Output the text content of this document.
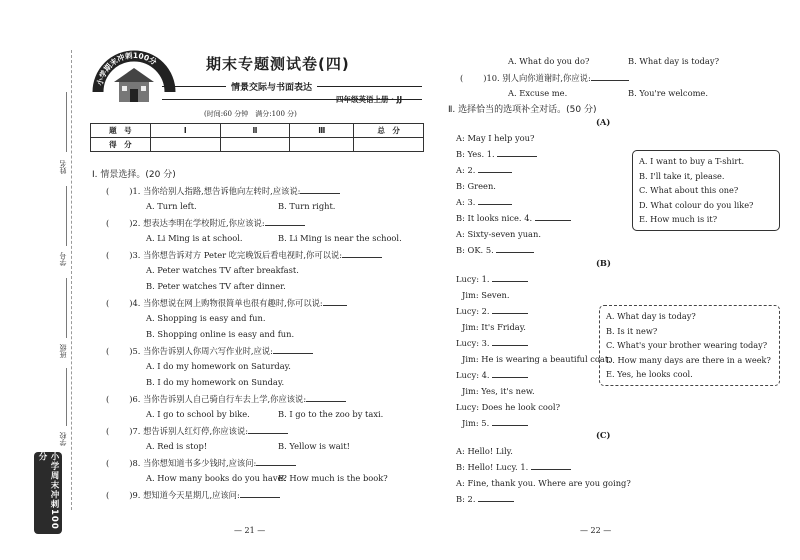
姓名
学号
班级
学校
小学周末冲刺100分
小学期末冲刺100分	期末专题测试卷(四)
情景交际与书面表达
四年级英语上册 · JJ
(时间:60 分钟　满分:100 分)
题　号	Ⅰ	Ⅱ	Ⅲ	总　分
得　分				
Ⅰ. 情景选择。(20 分)
( )1. 当你给别人指路,想告诉他向左转时,应该说:
A. Turn left.	B. Turn right.
( )2. 想表达李明在学校附近,你应该说:
A. Li Ming is at school.	B. Li Ming is near the school.
( )3. 当你想告诉对方 Peter 吃完晚饭后看电视时,你可以说:
A. Peter watches TV after breakfast.
B. Peter watches TV after dinner.
( )4. 当你想说在网上购物很简单也很有趣时,你可以说:
A. Shopping is easy and fun.
B. Shopping online is easy and fun.
( )5. 当你告诉别人你周六写作业时,应说:
A. I do my homework on Saturday.
B. I do my homework on Sunday.
( )6. 当你告诉别人自己骑自行车去上学,你应该说:
A. I go to school by bike.	B. I go to the zoo by taxi.
( )7. 想告诉别人红灯停,你应该说:
A. Red is stop!	B. Yellow is wait!
( )8. 当你想知道书多少钱时,应该问:
A. How many books do you have?
B. How much is the book?
( )9. 想知道今天星期几,应该问:
— 21 —
A. What do you do?	B. What day is today?
( )10. 别人向你道谢时,你应说:
A. Excuse me.	B. You're welcome.
Ⅱ. 选择恰当的选项补全对话。(50 分)
(A)
A: May I help you?
B: Yes. 1.
A: 2.
B: Green.
A: 3.
B: It looks nice. 4.
A: Sixty-seven yuan.
B: OK. 5.
A. I want to buy a T-shirt.
B. I'll take it, please.
C. What about this one?
D. What colour do you like?
E. How much is it?
(B)
Lucy: 1.
Jim: Seven.
Lucy: 2.
Jim: It's Friday.
Lucy: 3.
Jim: He is wearing a beautiful coat.
Lucy: 4.
Jim: Yes, it's new.
Lucy: Does he look cool?
Jim: 5.
A. What day is today?
B. Is it new?
C. What's your brother wearing today?
D. How many days are there in a week?
E. Yes, he looks cool.
(C)
A: Hello! Lily.
B: Hello! Lucy. 1.
A: Fine, thank you. Where are you going?
B: 2.
— 22 —
